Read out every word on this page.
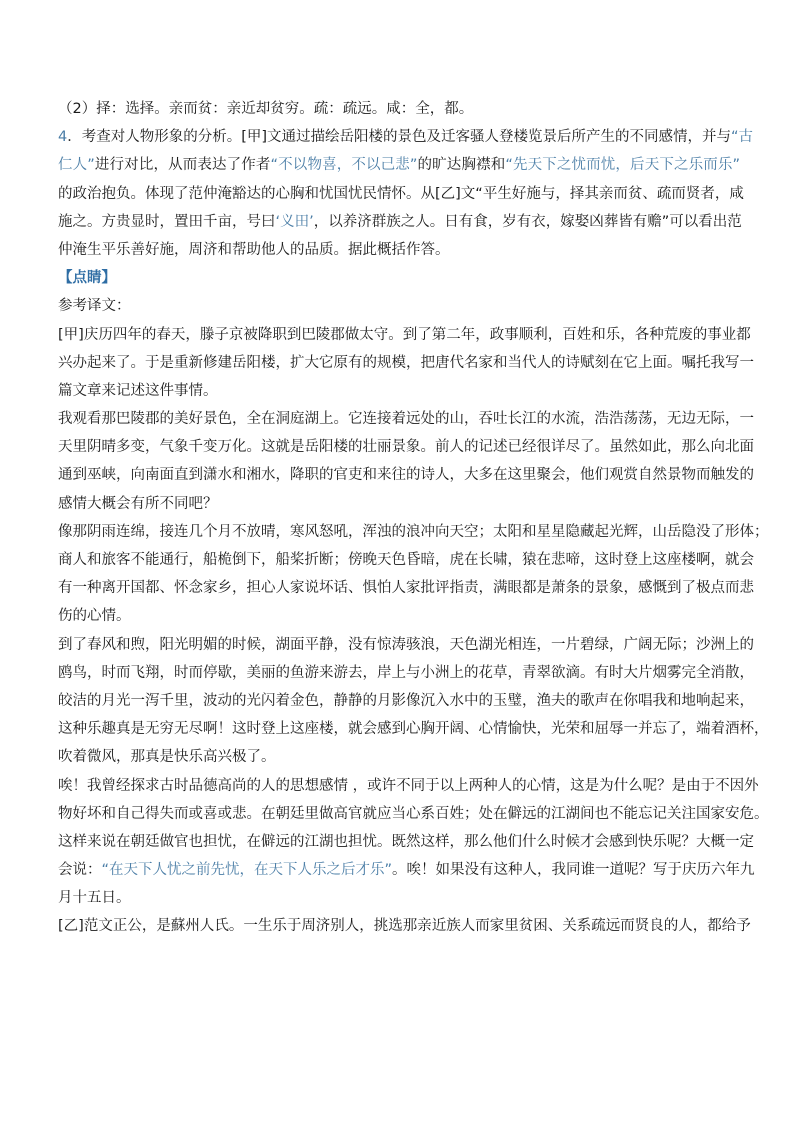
（2）择：选择。亲而贫：亲近却贫穷。疏：疏远。咸：全，都。
4．考查对人物形象的分析。[甲]文通过描绘岳阳楼的景色及迁客骚人登楼览景后所产生的不同感情，并与“古
仁人”进行对比，从而表达了作者“不以物喜，不以己悲”的旷达胸襟和“先天下之忧而忧，后天下之乐而乐”
的政治抱负。体现了范仲淹豁达的心胸和忧国忧民情怀。从[乙]文“平生好施与，择其亲而贫、疏而贤者，咸
施之。方贵显时，置田千亩，号曰‘义田’，以养济群族之人。日有食，岁有衣，嫁娶凶葬皆有赡”可以看出范
仲淹生平乐善好施，周济和帮助他人的品质。据此概括作答。
【点睛】
参考译文：
[甲]庆历四年的春天，滕子京被降职到巴陵郡做太守。到了第二年，政事顺利，百姓和乐，各种荒废的事业都
兴办起来了。于是重新修建岳阳楼，扩大它原有的规模，把唐代名家和当代人的诗赋刻在它上面。嘱托我写一
篇文章来记述这件事情。
我观看那巴陵郡的美好景色，全在洞庭湖上。它连接着远处的山，吞吐长江的水流，浩浩荡荡，无边无际，一
天里阴晴多变，气象千变万化。这就是岳阳楼的壮丽景象。前人的记述已经很详尽了。虽然如此，那么向北面
通到巫峡，向南面直到潇水和湘水，降职的官吏和来往的诗人，大多在这里聚会，他们观赏自然景物而触发的
感情大概会有所不同吧？
像那阴雨连绵，接连几个月不放晴，寒风怒吼，浑浊的浪冲向天空；太阳和星星隐藏起光辉，山岳隐没了形体；
商人和旅客不能通行，船桅倒下，船桨折断；傍晚天色昏暗，虎在长啸，猿在悲啼，这时登上这座楼啊，就会
有一种离开国都、怀念家乡，担心人家说坏话、惧怕人家批评指责，满眼都是萧条的景象，感慨到了极点而悲
伤的心情。
到了春风和煦，阳光明媚的时候，湖面平静，没有惊涛骇浪，天色湖光相连，一片碧绿，广阔无际；沙洲上的
鸥鸟，时而飞翔，时而停歇，美丽的鱼游来游去，岸上与小洲上的花草，青翠欲滴。有时大片烟雾完全消散，
皎洁的月光一泻千里，波动的光闪着金色，静静的月影像沉入水中的玉璧，渔夫的歌声在你唱我和地响起来，
这种乐趣真是无穷无尽啊！这时登上这座楼，就会感到心胸开阔、心情愉快，光荣和屈辱一并忘了，端着酒杯，
吹着微风，那真是快乐高兴极了。
唉！我曾经探求古时品德高尚的人的思想感情 ，或许不同于以上两种人的心情，这是为什么呢？是由于不因外
物好坏和自己得失而或喜或悲。在朝廷里做高官就应当心系百姓；处在僻远的江湖间也不能忘记关注国家安危。
这样来说在朝廷做官也担忧，在僻远的江湖也担忧。既然这样，那么他们什么时候才会感到快乐呢？大概一定
会说：“在天下人忧之前先忧，在天下人乐之后才乐”。唉！如果没有这种人，我同谁一道呢？写于庆历六年九
月十五日。
[乙]范文正公，是蘇州人氏。一生乐于周济别人，挑选那亲近族人而家里贫困、关系疏远而贤良的人，都给予
